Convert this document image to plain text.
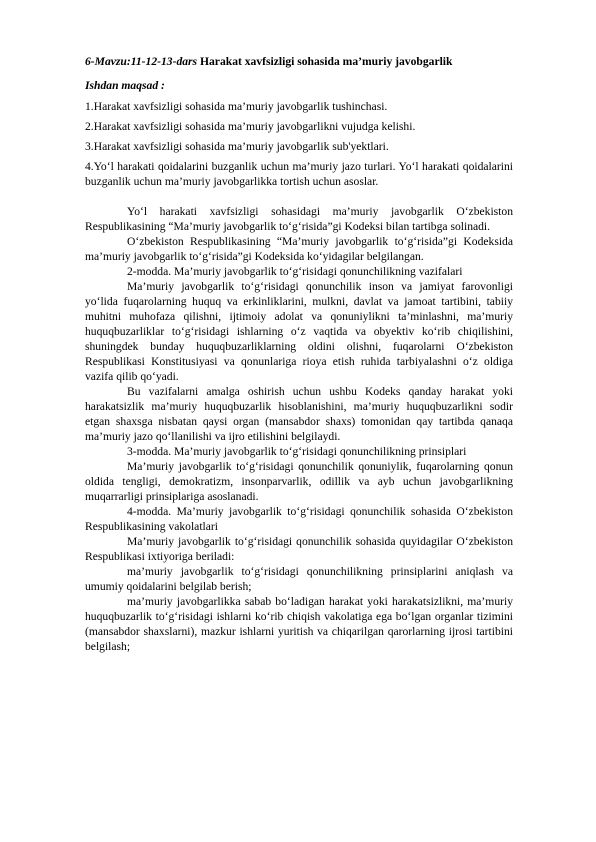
6-Mavzu:11-12-13-dars Harakat xavfsizligi sohasida ma’muriy javobgarlik

Ishdan maqsad :

1.Harakat xavfsizligi sohasida ma’muriy javobgarlik tushinchasi.

2.Harakat xavfsizligi sohasida ma’muriy javobgarlikni vujudga kelishi.

3.Harakat xavfsizligi sohasida ma’muriy javobgarlik sub'yektlari.

4.Yo‘l harakati qoidalarini buzganlik uchun ma’muriy jazo turlari. Yo‘l harakati qoidalarini buzganlik uchun ma’muriy javobgarlikka tortish uchun asoslar.

Yo‘l harakati xavfsizligi sohasidagi ma’muriy javobgarlik O‘zbekiston Respublikasining “Ma’muriy javobgarlik to‘g‘risida”gi Kodeksi bilan tartibga solinadi.

O‘zbekiston Respublikasining “Ma’muriy javobgarlik to‘g‘risida”gi Kodeksida ma’muriy javobgarlik to‘g‘risida”gi Kodeksida ko‘yidagilar belgilangan.

2-modda. Ma’muriy javobgarlik to‘g‘risidagi qonunchilikning vazifalari

Ma’muriy javobgarlik to‘g‘risidagi qonunchilik inson va jamiyat farovonligi yo‘lida fuqarolarning huquq va erkinliklarini, mulkni, davlat va jamoat tartibini, tabiiy muhitni muhofaza qilishni, ijtimoiy adolat va qonuniylikni ta’minlashni, ma’muriy huquqbuzarliklar to‘g‘risidagi ishlarning o‘z vaqtida va obyektiv ko‘rib chiqilishini, shuningdek bunday huquqbuzarliklarning oldini olishni, fuqarolarni O‘zbekiston Respublikasi Konstitusiyasi va qonunlariga rioya etish ruhida tarbiyalashni o‘z oldiga vazifa qilib qo‘yadi.

Bu vazifalarni amalga oshirish uchun ushbu Kodeks qanday harakat yoki harakatsizlik ma’muriy huquqbuzarlik hisoblanishini, ma’muriy huquqbuzarlikni sodir etgan shaxsga nisbatan qaysi organ (mansabdor shaxs) tomonidan qay tartibda qanaqa ma’muriy jazo qo‘llanilishi va ijro etilishini belgilaydi.

3-modda. Ma’muriy javobgarlik to‘g‘risidagi qonunchilikning prinsiplari

Ma’muriy javobgarlik to‘g‘risidagi qonunchilik qonuniylik, fuqarolarning qonun oldida tengligi, demokratizm, insonparvarlik, odillik va ayb uchun javobgarlikning muqarrarligi prinsiplariga asoslanadi.

4-modda. Ma’muriy javobgarlik to‘g‘risidagi qonunchilik sohasida O‘zbekiston Respublikasining vakolatlari

Ma’muriy javobgarlik to‘g‘risidagi qonunchilik sohasida quyidagilar O‘zbekiston Respublikasi ixtiyoriga beriladi:

ma’muriy javobgarlik to‘g‘risidagi qonunchilikning prinsiplarini aniqlash va umumiy qoidalarini belgilab berish;

ma’muriy javobgarlikka sabab bo‘ladigan harakat yoki harakatsizlikni, ma’muriy huquqbuzarlik to‘g‘risidagi ishlarni ko‘rib chiqish vakolatiga ega bo‘lgan organlar tizimini (mansabdor shaxslarni), mazkur ishlarni yuritish va chiqarilgan qarorlarning ijrosi tartibini belgilash;
